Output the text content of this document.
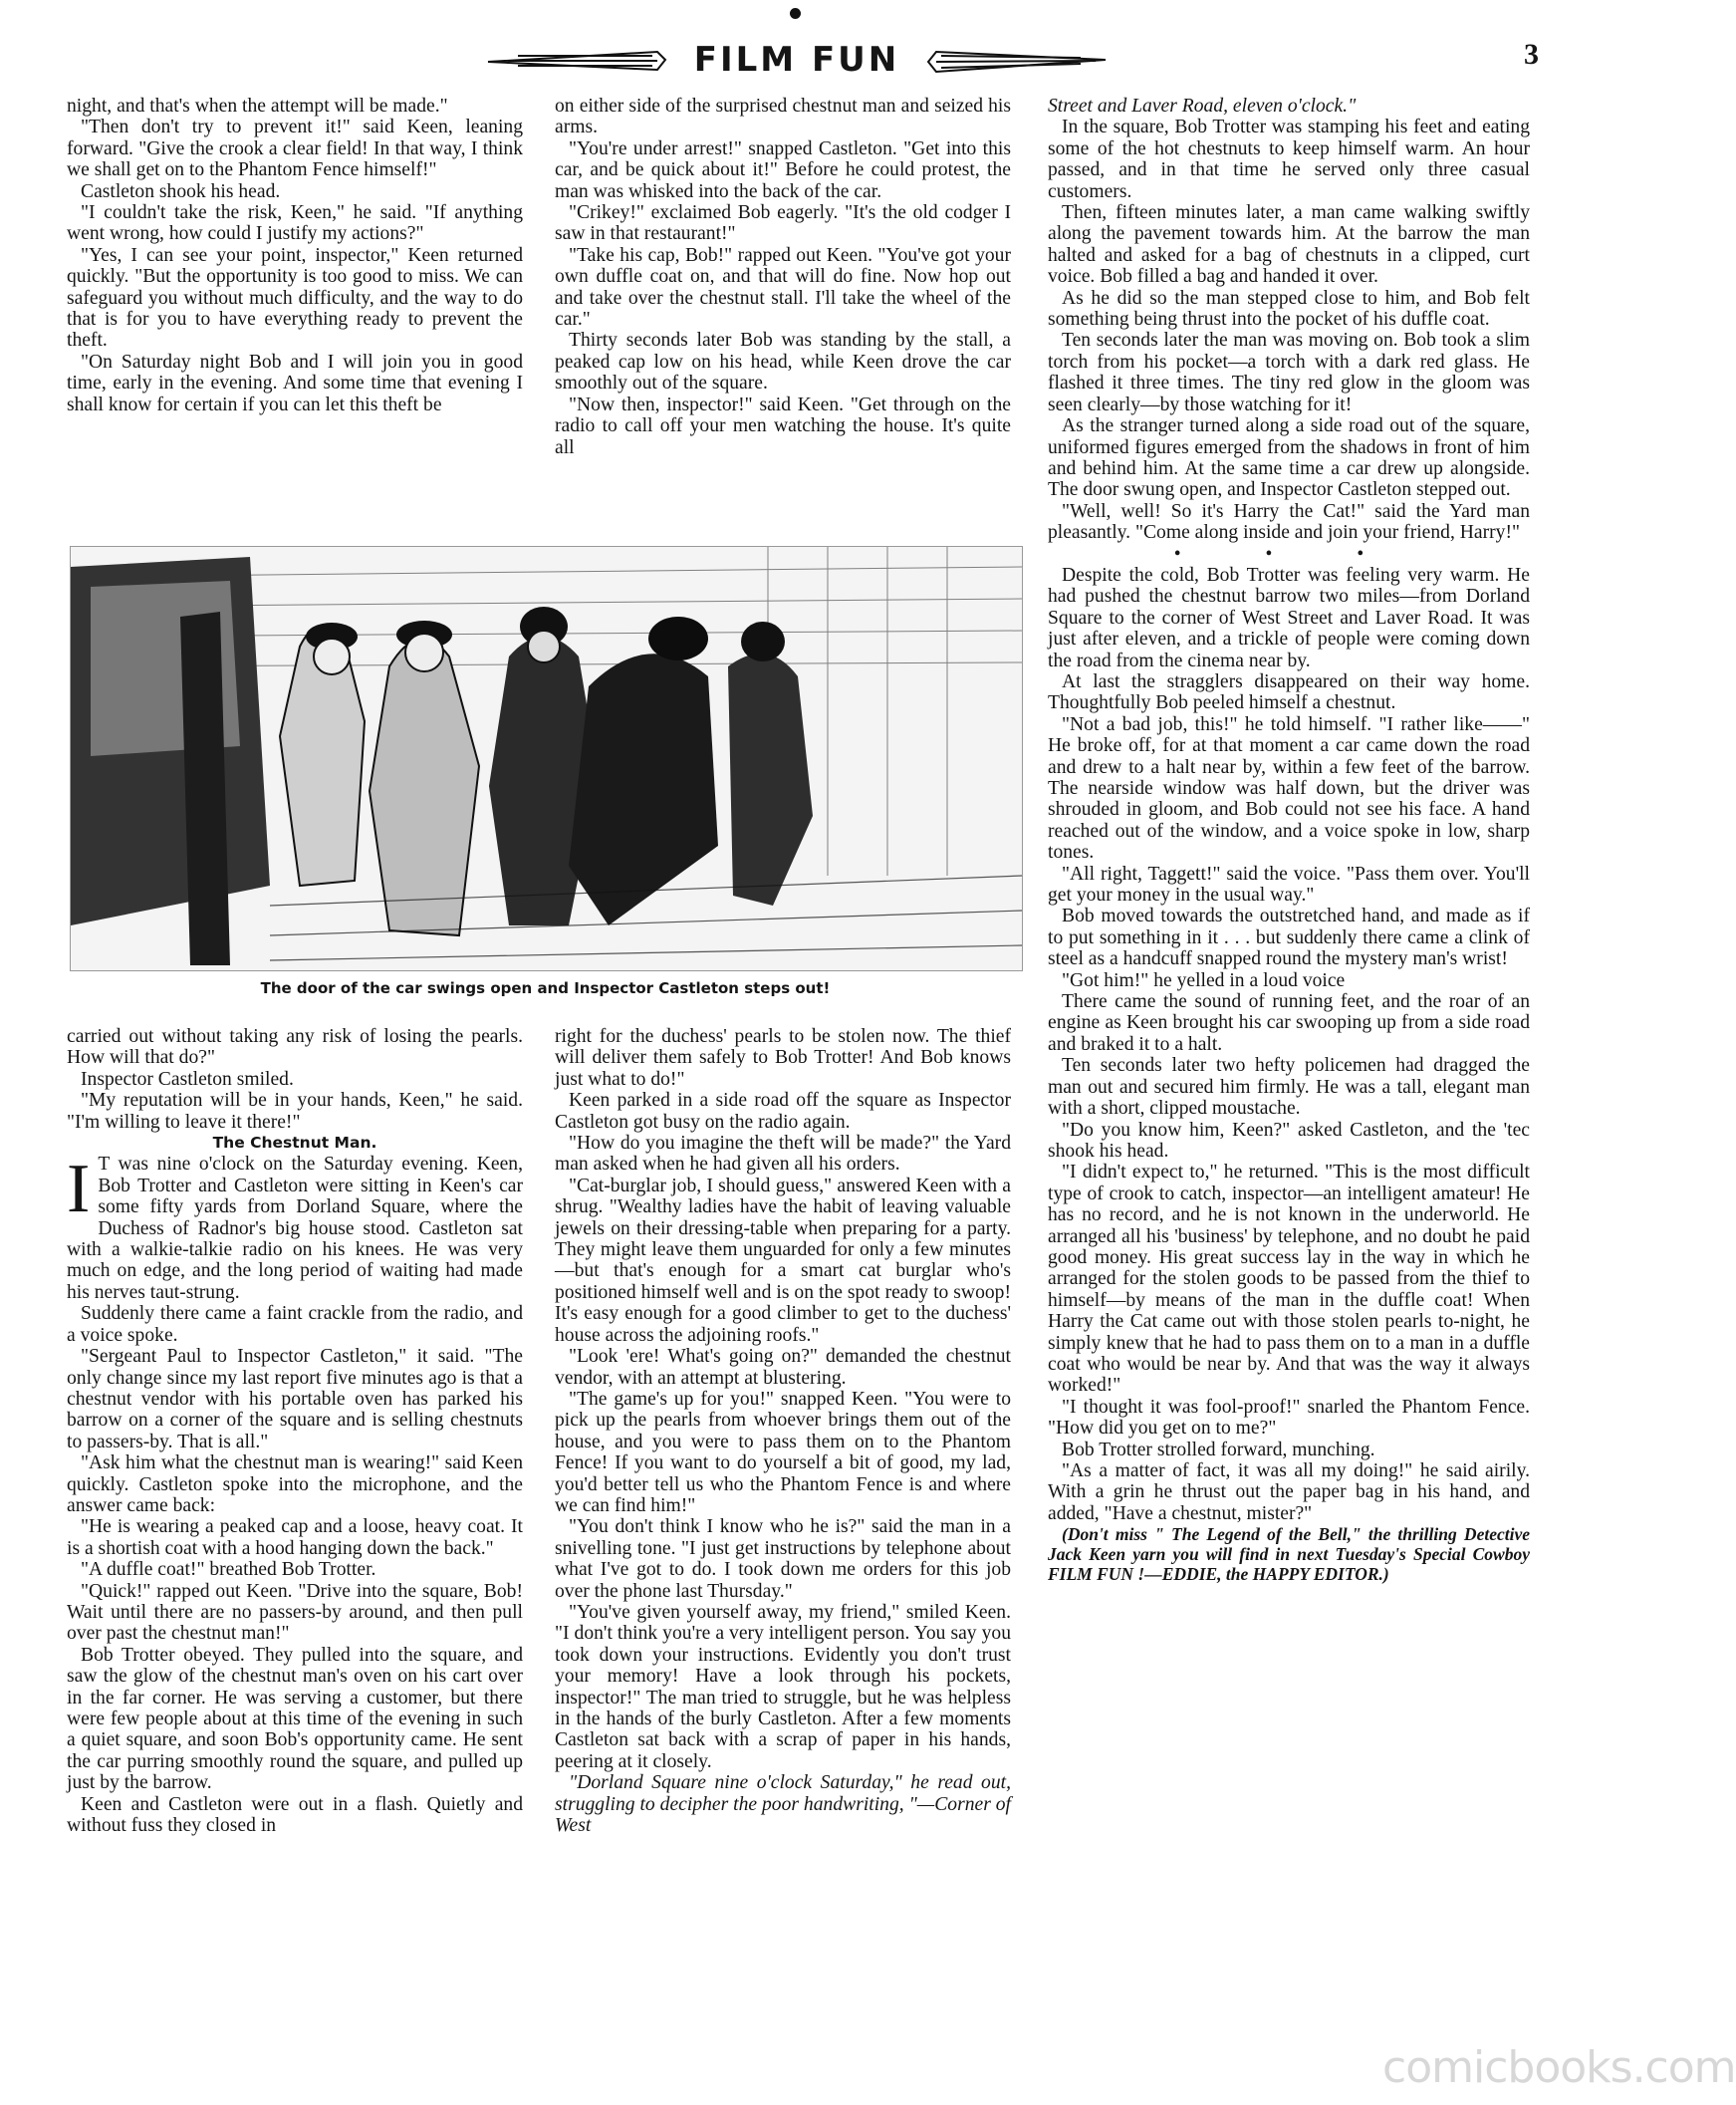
FILM FUN	3

night, and that's when the attempt will be made."

"Then don't try to prevent it!" said Keen, leaning forward. "Give the crook a clear field! In that way, I think we shall get on to the Phantom Fence himself!"

Castleton shook his head.

"I couldn't take the risk, Keen," he said. "If anything went wrong, how could I justify my actions?"

"Yes, I can see your point, inspector," Keen returned quickly. "But the opportunity is too good to miss. We can safeguard you without much difficulty, and the way to do that is for you to have everything ready to prevent the theft.

"On Saturday night Bob and I will join you in good time, early in the evening. And some time that evening I shall know for certain if you can let this theft be

on either side of the surprised chestnut man and seized his arms.

"You're under arrest!" snapped Castleton. "Get into this car, and be quick about it!" Before he could protest, the man was whisked into the back of the car.

"Crikey!" exclaimed Bob eagerly. "It's the old codger I saw in that restaurant!"

"Take his cap, Bob!" rapped out Keen. "You've got your own duffle coat on, and that will do fine. Now hop out and take over the chestnut stall. I'll take the wheel of the car."

Thirty seconds later Bob was standing by the stall, a peaked cap low on his head, while Keen drove the car smoothly out of the square.

"Now then, inspector!" said Keen. "Get through on the radio to call off your men watching the house. It's quite all

The door of the car swings open and Inspector Castleton steps out!

carried out without taking any risk of losing the pearls. How will that do?"

Inspector Castleton smiled.

"My reputation will be in your hands, Keen," he said. "I'm willing to leave it there!"

The Chestnut Man.

I T was nine o'clock on the Saturday evening. Keen, Bob Trotter and Castleton were sitting in Keen's car some fifty yards from Dorland Square, where the Duchess of Radnor's big house stood. Castleton sat with a walkie-talkie radio on his knees. He was very much on edge, and the long period of waiting had made his nerves taut-strung.

Suddenly there came a faint crackle from the radio, and a voice spoke.

"Sergeant Paul to Inspector Castleton," it said. "The only change since my last report five minutes ago is that a chestnut vendor with his portable oven has parked his barrow on a corner of the square and is selling chestnuts to passers-by. That is all."

"Ask him what the chestnut man is wearing!" said Keen quickly. Castleton spoke into the microphone, and the answer came back:

"He is wearing a peaked cap and a loose, heavy coat. It is a shortish coat with a hood hanging down the back."

"A duffle coat!" breathed Bob Trotter.

"Quick!" rapped out Keen. "Drive into the square, Bob! Wait until there are no passers-by around, and then pull over past the chestnut man!"

Bob Trotter obeyed. They pulled into the square, and saw the glow of the chestnut man's oven on his cart over in the far corner. He was serving a customer, but there were few people about at this time of the evening in such a quiet square, and soon Bob's opportunity came. He sent the car purring smoothly round the square, and pulled up just by the barrow.

Keen and Castleton were out in a flash. Quietly and without fuss they closed in

right for the duchess' pearls to be stolen now. The thief will deliver them safely to Bob Trotter! And Bob knows just what to do!"

Keen parked in a side road off the square as Inspector Castleton got busy on the radio again.

"How do you imagine the theft will be made?" the Yard man asked when he had given all his orders.

"Cat-burglar job, I should guess," answered Keen with a shrug. "Wealthy ladies have the habit of leaving valuable jewels on their dressing-table when preparing for a party. They might leave them unguarded for only a few minutes—but that's enough for a smart cat burglar who's positioned himself well and is on the spot ready to swoop! It's easy enough for a good climber to get to the duchess' house across the adjoining roofs."

"Look 'ere! What's going on?" demanded the chestnut vendor, with an attempt at blustering.

"The game's up for you!" snapped Keen. "You were to pick up the pearls from whoever brings them out of the house, and you were to pass them on to the Phantom Fence! If you want to do yourself a bit of good, my lad, you'd better tell us who the Phantom Fence is and where we can find him!"

"You don't think I know who he is?" said the man in a snivelling tone. "I just get instructions by telephone about what I've got to do. I took down me orders for this job over the phone last Thursday."

"You've given yourself away, my friend," smiled Keen. "I don't think you're a very intelligent person. You say you took down your instructions. Evidently you don't trust your memory! Have a look through his pockets, inspector!" The man tried to struggle, but he was helpless in the hands of the burly Castleton. After a few moments Castleton sat back with a scrap of paper in his hands, peering at it closely.

"Dorland Square nine o'clock Saturday," he read out, struggling to decipher the poor handwriting, "—Corner of West

Street and Laver Road, eleven o'clock."

In the square, Bob Trotter was stamping his feet and eating some of the hot chestnuts to keep himself warm. An hour passed, and in that time he served only three casual customers.

Then, fifteen minutes later, a man came walking swiftly along the pavement towards him. At the barrow the man halted and asked for a bag of chestnuts in a clipped, curt voice. Bob filled a bag and handed it over.

As he did so the man stepped close to him, and Bob felt something being thrust into the pocket of his duffle coat.

Ten seconds later the man was moving on. Bob took a slim torch from his pocket—a torch with a dark red glass. He flashed it three times. The tiny red glow in the gloom was seen clearly—by those watching for it!

As the stranger turned along a side road out of the square, uniformed figures emerged from the shadows in front of him and behind him. At the same time a car drew up alongside. The door swung open, and Inspector Castleton stepped out.

"Well, well! So it's Harry the Cat!" said the Yard man pleasantly. "Come along inside and join your friend, Harry!"

• • •

Despite the cold, Bob Trotter was feeling very warm. He had pushed the chestnut barrow two miles—from Dorland Square to the corner of West Street and Laver Road. It was just after eleven, and a trickle of people were coming down the road from the cinema near by.

At last the stragglers disappeared on their way home. Thoughtfully Bob peeled himself a chestnut.

"Not a bad job, this!" he told himself. "I rather like——" He broke off, for at that moment a car came down the road and drew to a halt near by, within a few feet of the barrow. The nearside window was half down, but the driver was shrouded in gloom, and Bob could not see his face. A hand reached out of the window, and a voice spoke in low, sharp tones.

"All right, Taggett!" said the voice. "Pass them over. You'll get your money in the usual way."

Bob moved towards the outstretched hand, and made as if to put something in it . . . but suddenly there came a clink of steel as a handcuff snapped round the mystery man's wrist!

"Got him!" he yelled in a loud voice

There came the sound of running feet, and the roar of an engine as Keen brought his car swooping up from a side road and braked it to a halt.

Ten seconds later two hefty policemen had dragged the man out and secured him firmly. He was a tall, elegant man with a short, clipped moustache.

"Do you know him, Keen?" asked Castleton, and the 'tec shook his head.

"I didn't expect to," he returned. "This is the most difficult type of crook to catch, inspector—an intelligent amateur! He has no record, and he is not known in the underworld. He arranged all his 'business' by telephone, and no doubt he paid good money. His great success lay in the way in which he arranged for the stolen goods to be passed from the thief to himself—by means of the man in the duffle coat! When Harry the Cat came out with those stolen pearls to-night, he simply knew that he had to pass them on to a man in a duffle coat who would be near by. And that was the way it always worked!"

"I thought it was fool-proof!" snarled the Phantom Fence. "How did you get on to me?"

Bob Trotter strolled forward, munching.

"As a matter of fact, it was all my doing!" he said airily. With a grin he thrust out the paper bag in his hand, and added, "Have a chestnut, mister?"

(Don't miss " The Legend of the Bell," the thrilling Detective Jack Keen yarn you will find in next Tuesday's Special Cowboy FILM FUN !—EDDIE, the HAPPY EDITOR.)

comicbooks.com
